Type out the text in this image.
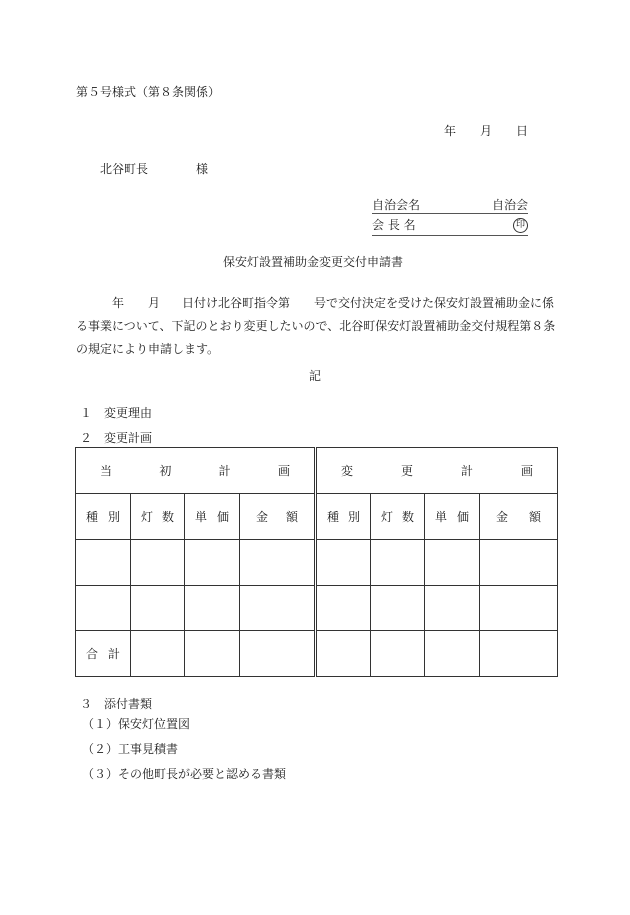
第５号様式（第８条関係）
年 月 日
北谷町長	様
自治会名	自治会
会 長 名	印
保安灯設置補助金変更交付申請書

年 月 日付け北谷町指令第　　号で交付決定を受けた保安灯設置補助金に係

る事業について、下記のとおり変更したいので、北谷町保安灯設置補助金交付規程第８条

の規定により申請します。

記
１　変更理由
２　変更計画
当 初 計 画				変 更 計 画			

種 別	灯 数	単 価	金 額	種 別	灯 数	単 価	金 額

合 計							

３　添付書類
（１）保安灯位置図
（２）工事見積書
（３）その他町長が必要と認める書類
